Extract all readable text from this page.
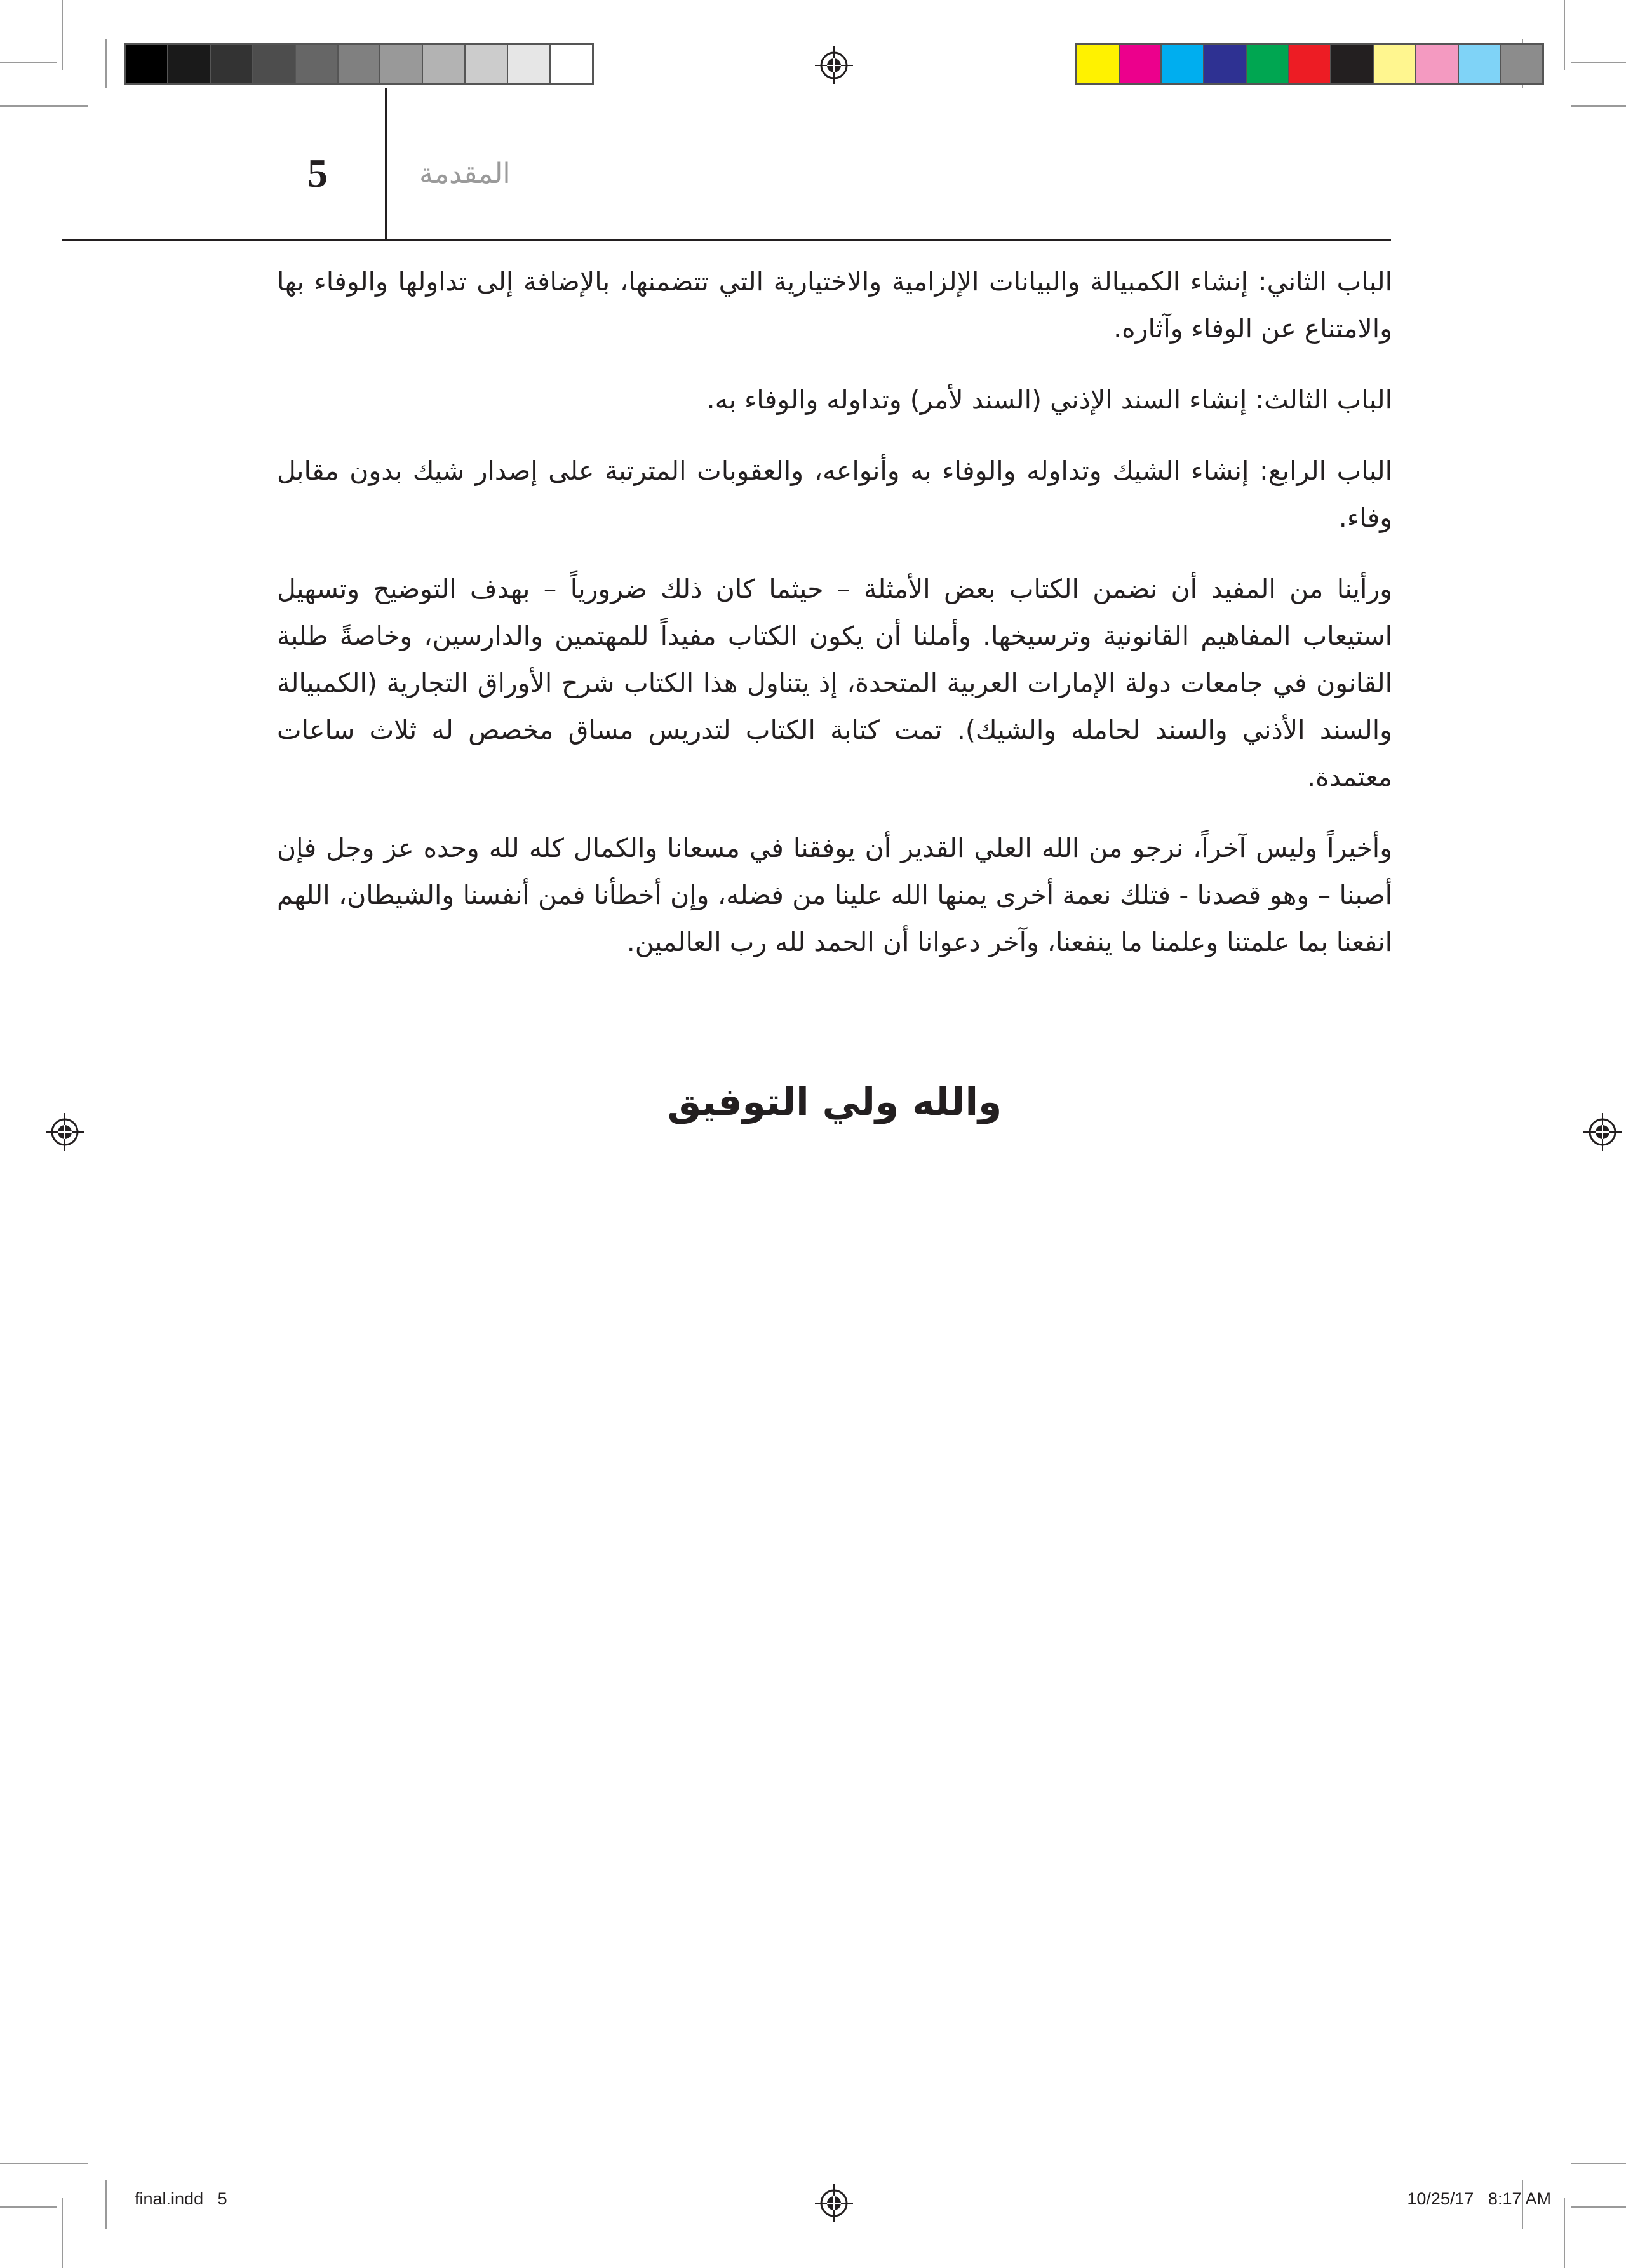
5	المقدمة

الباب الثاني: إنشاء الكمبيالة والبيانات الإلزامية والاختيارية التي تتضمنها، بالإضافة إلى تداولها والوفاء بها والامتناع عن الوفاء وآثاره.

الباب الثالث: إنشاء السند الإذني (السند لأمر) وتداوله والوفاء به.

الباب الرابع: إنشاء الشيك وتداوله والوفاء به وأنواعه، والعقوبات المترتبة على إصدار شيك بدون مقابل وفاء.

ورأينا من المفيد أن نضمن الكتاب بعض الأمثلة – حيثما كان ذلك ضرورياً – بهدف التوضيح وتسهيل استيعاب المفاهيم القانونية وترسيخها. وأملنا أن يكون الكتاب مفيداً للمهتمين والدارسين، وخاصةً طلبة القانون في جامعات دولة الإمارات العربية المتحدة، إذ يتناول هذا الكتاب شرح الأوراق التجارية (الكمبيالة والسند الأذني والسند لحامله والشيك). تمت كتابة الكتاب لتدريس مساق مخصص له ثلاث ساعات معتمدة.

وأخيراً وليس آخراً، نرجو من الله العلي القدير أن يوفقنا في مسعانا والكمال كله لله وحده عز وجل فإن أصبنا – وهو قصدنا - فتلك نعمة أخرى يمنها الله علينا من فضله، وإن أخطأنا فمن أنفسنا والشيطان، اللهم انفعنا بما علمتنا وعلمنا ما ينفعنا، وآخر دعوانا أن الحمد لله رب العالمين.

والله ولي التوفيق
final.indd   5	10/25/17   8:17 AM
